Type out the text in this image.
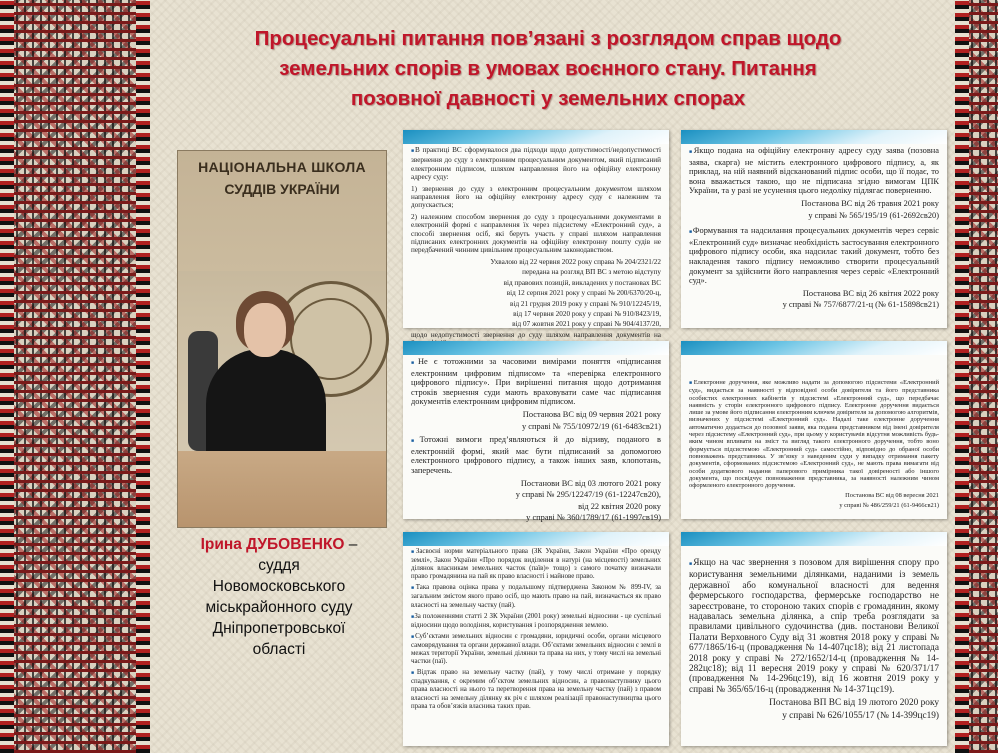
Процесуальні питання пов’язані з розглядом справ щодо
земельних спорів в умовах воєнного стану. Питання
позовної давності у земельних спорах
НАЦІОНАЛЬНА ШКОЛА
СУДДІВ УКРАЇНИ
Ірина ДУБОВЕНКО –
суддя
Новомосковського
міськрайонного суду
Дніпропетровської
області

■ В практиці ВС сформувалося два підходи щодо допустимості/недопустимості звернення до суду з електронним процесуальним документом, який підписаний електронним підписом, шляхом направлення його на офіційну електронну адресу суду:

1) звернення до суду з електронним процесуальним документом шляхом направлення його на офіційну електронну адресу суду є належним та допускається;

2) належним способом звернення до суду з процесуальними документами в електронній формі є направлення їх через підсистему «Електронний суд», а способі звернення осіб, які беруть участь у справі шляхом направлення підписаних електронних документів на офіційну електронну пошту судів не передбачений чинним цивільним процесуальним законодавством.

Ухвалою від 22 червня 2022 року справа № 204/2321/22
передана на розгляд ВП ВС з метою відступу
від правових позицій, викладених у постановах ВС
від 12 серпня 2021 року у справі № 200/6370/20-ц,
від 21 грудня 2019 року у справі № 910/12245/19,
від 17 червня 2020 року у справі № 910/8423/19,
від 07 жовтня 2021 року у справі № 904/4137/20,

щодо недопустимості звернення до суду шляхом направлення документів на

■ Якщо подана на офіційну електронну адресу суду заява (позовна заява, скарга) не містить електронного цифрового підпису, а, як приклад, на ній наявний відсканований підпис особи, що її подає, то вона вважається такою, що не підписана згідно вимогам ЦПК України, та у разі не усунення цього недоліку підлягає поверненню.

Постанова ВС від 26 травня 2021 року
у справі № 565/195/19 (61-2692св20)

■ Формування та надсилання процесуальних документів через сервіс «Електронний суд» визначає необхідність застосування електронного цифрового підпису особи, яка надсилає такий документ, тобто без накладення такого підпису неможливо створити процесуальний документ за здійснити його направлення через сервіс «Електронний суд».

Постанова ВС від 26 квітня 2022 року
у справі № 757/6877/21-ц (№ 61-15898св21)

■ Не є тотожними за часовими вимірами поняття «підписання електронним цифровим підписом» та «перевірка електронного цифрового підпису». При вирішенні питання щодо дотримання строків звернення суди мають враховувати саме час підписання документів електронним цифровим підписом.

Постанова ВС від 09 червня 2021 року
у справі № 755/10972/19 (61-6483св21)

■ Тотожні вимоги пред’являються й до відзиву, поданого в електронній формі, який має бути підписаний за допомогою електронного цифрового підпису, а також інших заяв, клопотань, заперечень.

Постанови ВС від 03 лютого 2021 року
у справі № 295/12247/19 (61-12247св20),
від 22 квітня 2020 року
у справі № 360/1789/17 (61-1997св19)

■ Електронне доручення, яке можливо надати за допомогою підсистеми «Електронний суд», видається за наявності у відповідної особи довірителя та його представника особистих електронних кабінетів у підсистемі «Електронний суд», що передбачає наявність у сторін електронного цифрового підпису. Електронне доручення видається лише за умове його підписання електронним ключем довірителя за допомогою алгоритмів, визначених у підсистемі «Електронний суд». Надалі таке електронне доручення автоматично додається до позовної заяви, яка подана представником від імені довірителя через підсистему «Електронний суд», при цьому у користувачів відсутня можливість будь-яким чином впливати на зміст та вигляд такого електронного доручення, тобто воно формується підсистемою «Електронний суд» самостійно, відповідно до обраної особи повноважень представника. У зв’язку з наведеним суди у випадку отримання пакету документів, сформованих підсистемою «Електронний суд», не мають права вимагати від особи додаткового надання паперового примірника такої довіреності або іншого документа, що посвідчує повноваження представника, за наявності належним чином оформленого електронного доручення.

Постанова ВС від 08 вересня 2021
у справі № 486/259/21 (61-9466св21)

■ Засвоєні норми матеріального права (ЗК України, Закон України «Про оренду землі», Закон України «Про порядок виділення в натурі (на місцевості) земельних ділянок власникам земельних часток (паїв)» тощо) з самого початку визначали право громадянина на пай як право власності і майнове право.

■ Така правова оцінка права у подальшому підтверджена Законом № 899-IV, за загальним змістом якого право осіб, що мають право на пай, визначається як право власності на земельну частку (пай).

■ За положеннями статті 2 ЗК України (2001 року) земельні відносини - це суспільні відносини щодо володіння, користування і розпорядження землею.

■ Суб’єктами земельних відносин є громадяни, юридичні особи, органи місцевого самоврядування та органи державної влади. Об’єктами земельних відносин є землі в межах території України, земельні ділянки та права на них, у тому числі на земельні частки (паї).

■ Відтак право на земельну частку (пай), у тому числі отримане у порядку спадкування, є окремим об’єктом земельних відносин, а правонаступнику цього права власності на нього та перетворення права на земельну частку (пай) з правом власності на земельну ділянку як річ є шляхом реалізації правонаступництва цього права та обов’язків власника таких прав.

■ Якщо на час звернення з позовом для вирішення спору про користування земельними ділянками, наданими із земель державної або комунальної власності для ведення фермерського господарства, фермерське господарство не зареєстроване, то стороною таких спорів є громадянин, якому надавалась земельна ділянка, а спір треба розглядати за правилами цивільного судочинства (див. постанови Великої Палати Верховного Суду від 31 жовтня 2018 року у справі № 677/1865/16-ц (провадження № 14-407цс18); від 21 листопада 2018 року у справі № 272/1652/14-ц (провадження № 14-282цс18); від 11 вересня 2019 року у справі № 620/371/17 (провадження № 14-296цс19), від 16 жовтня 2019 року у справі № 365/65/16-ц (провадження № 14-371цс19).

Постанова ВП ВС від 19 лютого 2020 року
у справі № 626/1055/17 (№ 14-399цс19)
